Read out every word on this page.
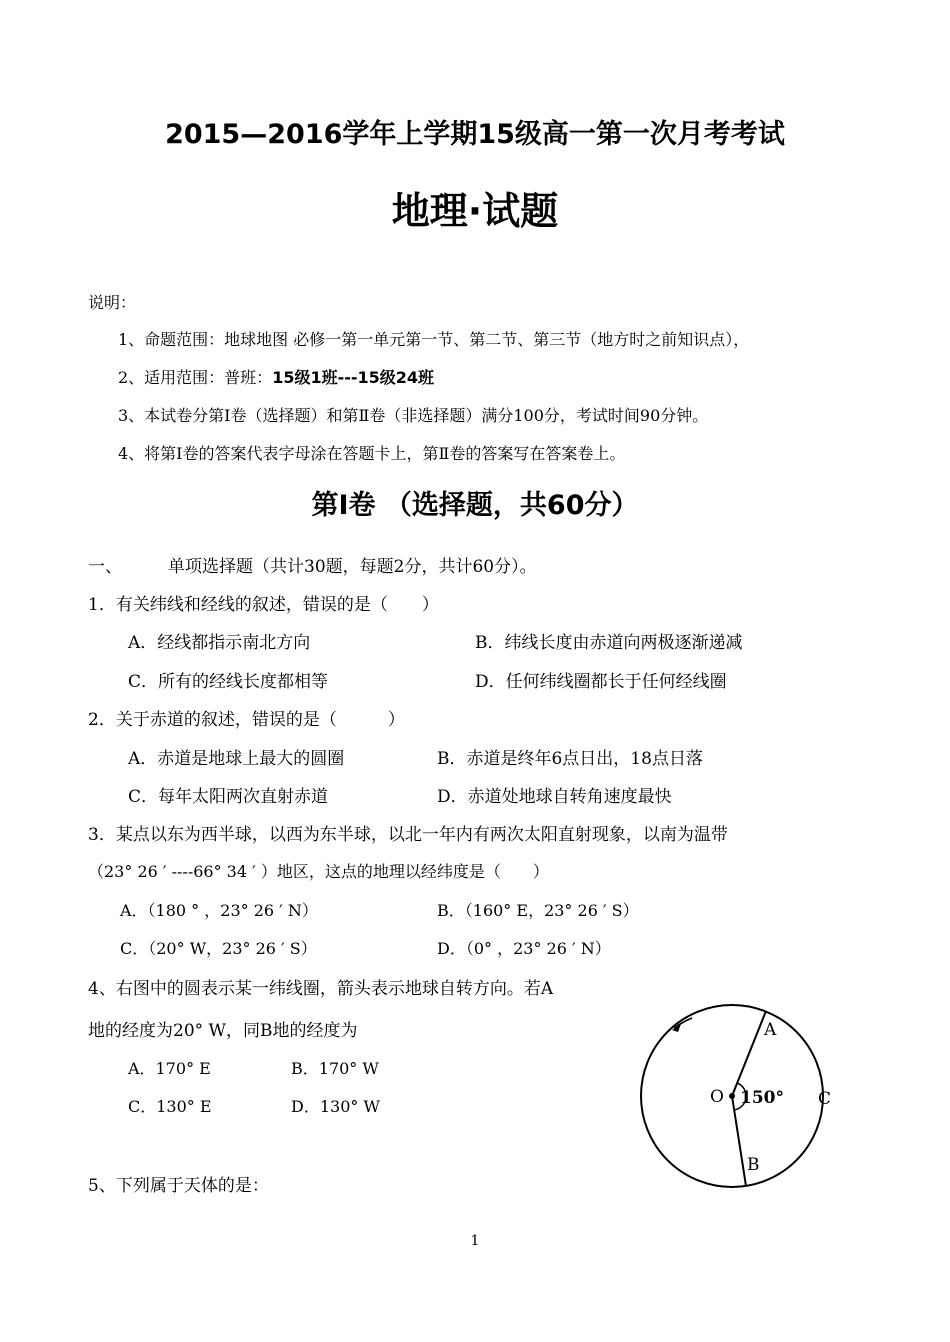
2015—2016学年上学期15级高一第一次月考考试
地理·试题
说明：
1、命题范围：地球地图 必修一第一单元第一节、第二节、第三节（地方时之前知识点），
2、适用范围：普班：15级1班---15级24班
3、本试卷分第Ⅰ卷（选择题）和第Ⅱ卷（非选择题）满分100分，考试时间90分钟。
4、将第Ⅰ卷的答案代表字母涂在答题卡上，第Ⅱ卷的答案写在答案卷上。
第Ⅰ卷 （选择题，共60分）
一、	单项选择题（共计30题，每题2分，共计60分）。
1．有关纬线和经线的叙述，错误的是（　　）
A．经线都指示南北方向	B．纬线长度由赤道向两极逐渐递减
C．所有的经线长度都相等	D．任何纬线圈都长于任何经线圈
2．关于赤道的叙述，错误的是（　　　）
A．赤道是地球上最大的圆圈	B．赤道是终年6点日出，18点日落
C．每年太阳两次直射赤道	D．赤道处地球自转角速度最快
3．某点以东为西半球，以西为东半球，以北一年内有两次太阳直射现象，以南为温带
（23° 26 ′ ----66° 34 ′ ）地区，这点的地理以经纬度是（　　）
A．（180 ° ，23° 26 ′ N）	B．（160° E，23° 26 ′ S）
C．（20° W，23° 26 ′ S）	D．（0° ，23° 26 ′ N）
4、右图中的圆表示某一纬线圈，箭头表示地球自转方向。若A
地的经度为20° W，同B地的经度为
A．170° E	B．170° W
C．130° E	D．130° W
5、下列属于天体的是：
A
B
C
O 150°
1
